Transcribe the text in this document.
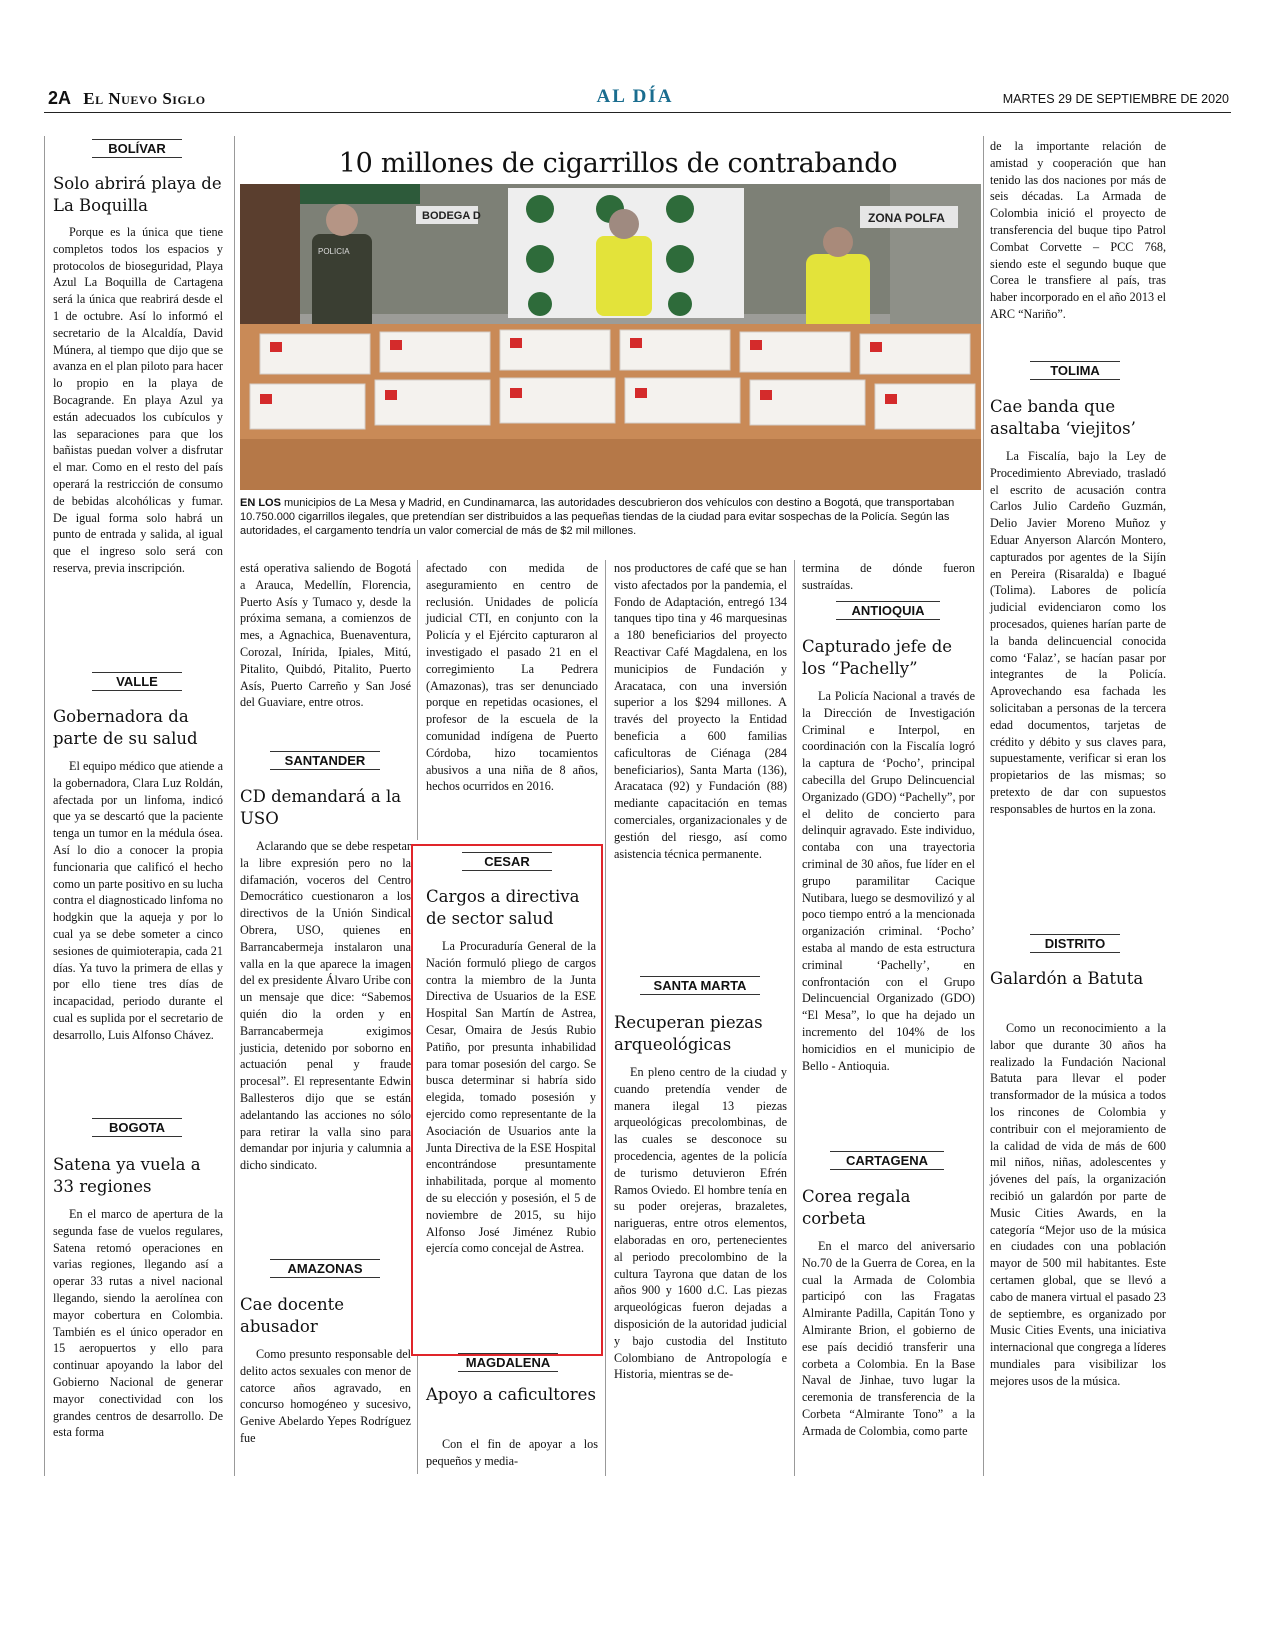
2A El Nuevo Siglo	AL DÍA	MARTES 29 DE SEPTIEMBRE DE 2020
10 millones de cigarrillos de contrabando
BODEGA D	ZONA POLFA
POLICIA
EN LOS municipios de La Mesa y Madrid, en Cundinamarca, las autoridades descubrieron dos vehículos con destino a Bogotá, que transportaban 10.750.000 cigarrillos ilegales, que pretendían ser distribuidos a las pequeñas tiendas de la ciudad para evitar sospechas de la Policía. Según las autoridades, el cargamento tendría un valor comercial de más de $2 mil millones.
BOLÍVAR
Solo abrirá playa de La Boquilla

Porque es la única que tiene completos todos los espacios y protocolos de bioseguridad, Playa Azul La Boquilla de Cartagena será la única que reabrirá desde el 1 de octubre. Así lo informó el secretario de la Alcaldía, David Múnera, al tiempo que dijo que se avanza en el plan piloto para hacer lo propio en la playa de Bocagrande. En playa Azul ya están adecuados los cubículos y las separaciones para que los bañistas puedan volver a disfrutar el mar. Como en el resto del país operará la restricción de consumo de bebidas alcohólicas y fumar. De igual forma solo habrá un punto de entrada y salida, al igual que el ingreso solo será con reserva, previa inscripción.

VALLE
Gobernadora da parte de su salud

El equipo médico que atiende a la gobernadora, Clara Luz Roldán, afectada por un linfoma, indicó que ya se descartó que la paciente tenga un tumor en la médula ósea. Así lo dio a conocer la propia funcionaria que calificó el hecho como un parte positivo en su lucha contra el diagnosticado linfoma no hodgkin que la aqueja y por lo cual ya se debe someter a cinco sesiones de quimioterapia, cada 21 días. Ya tuvo la primera de ellas y por ello tiene tres días de incapacidad, periodo durante el cual es suplida por el secretario de desarrollo, Luis Alfonso Chávez.

BOGOTA
Satena ya vuela a 33 regiones

En el marco de apertura de la segunda fase de vuelos regulares, Satena retomó operaciones en varias regiones, llegando así a operar 33 rutas a nivel nacional llegando, siendo la aerolínea con mayor cobertura en Colombia. También es el único operador en 15 aeropuertos y ello para continuar apoyando la labor del Gobierno Nacional de generar mayor conectividad con los grandes centros de desarrollo. De esta forma

está operativa saliendo de Bogotá a Arauca, Medellín, Florencia, Puerto Asís y Tumaco y, desde la próxima semana, a comienzos de mes, a Agnachica, Buenaventura, Corozal, Inírida, Ipiales, Mitú, Pitalito, Quibdó, Pitalito, Puerto Asís, Puerto Carreño y San José del Guaviare, entre otros.

SANTANDER
CD demandará a la USO

Aclarando que se debe respetar la libre expresión pero no la difamación, voceros del Centro Democrático cuestionaron a los directivos de la Unión Sindical Obrera, USO, quienes en Barrancabermeja instalaron una valla en la que aparece la imagen del ex presidente Álvaro Uribe con un mensaje que dice: “Sabemos quién dio la orden y en Barrancabermeja exigimos justicia, detenido por soborno en actuación penal y fraude procesal”. El representante Edwin Ballesteros dijo que se están adelantando las acciones no sólo para retirar la valla sino para demandar por injuria y calumnia a dicho sindicato.

AMAZONAS
Cae docente abusador

Como presunto responsable del delito actos sexuales con menor de catorce años agravado, en concurso homogéneo y sucesivo, Genive Abelardo Yepes Rodríguez fue

afectado con medida de aseguramiento en centro de reclusión. Unidades de policía judicial CTI, en conjunto con la Policía y el Ejército capturaron al investigado el pasado 21 en el corregimiento La Pedrera (Amazonas), tras ser denunciado porque en repetidas ocasiones, el profesor de la escuela de la comunidad indígena de Puerto Córdoba, hizo tocamientos abusivos a una niña de 8 años, hechos ocurridos en 2016.

CESAR
Cargos a directiva de sector salud

La Procuraduría General de la Nación formuló pliego de cargos contra la miembro de la Junta Directiva de Usuarios de la ESE Hospital San Martín de Astrea, Cesar, Omaira de Jesús Rubio Patiño, por presunta inhabilidad para tomar posesión del cargo. Se busca determinar si habría sido elegida, tomado posesión y ejercido como representante de la Asociación de Usuarios ante la Junta Directiva de la ESE Hospital encontrándose presuntamente inhabilitada, porque al momento de su elección y posesión, el 5 de noviembre de 2015, su hijo Alfonso José Jiménez Rubio ejercía como concejal de Astrea.

MAGDALENA
Apoyo a caficultores

Con el fin de apoyar a los pequeños y media-

nos productores de café que se han visto afectados por la pandemia, el Fondo de Adaptación, entregó 134 tanques tipo tina y 46 marquesinas a 180 beneficiarios del proyecto Reactivar Café Magdalena, en los municipios de Fundación y Aracataca, con una inversión superior a los $294 millones. A través del proyecto la Entidad beneficia a 600 familias caficultoras de Ciénaga (284 beneficiarios), Santa Marta (136), Aracataca (92) y Fundación (88) mediante capacitación en temas comerciales, organizacionales y de gestión del riesgo, así como asistencia técnica permanente.

SANTA MARTA
Recuperan piezas arqueológicas

En pleno centro de la ciudad y cuando pretendía vender de manera ilegal 13 piezas arqueológicas precolombinas, de las cuales se desconoce su procedencia, agentes de la policía de turismo detuvieron Efrén Ramos Oviedo. El hombre tenía en su poder orejeras, brazaletes, narigueras, entre otros elementos, elaboradas en oro, pertenecientes al periodo precolombino de la cultura Tayrona que datan de los años 900 y 1600 d.C. Las piezas arqueológicas fueron dejadas a disposición de la autoridad judicial y bajo custodia del Instituto Colombiano de Antropología e Historia, mientras se de-

termina de dónde fueron sustraídas.

ANTIOQUIA
Capturado jefe de los “Pachelly”

La Policía Nacional a través de la Dirección de Investigación Criminal e Interpol, en coordinación con la Fiscalía logró la captura de ‘Pocho’, principal cabecilla del Grupo Delincuencial Organizado (GDO) “Pachelly”, por el delito de concierto para delinquir agravado. Este individuo, contaba con una trayectoria criminal de 30 años, fue líder en el grupo paramilitar Cacique Nutibara, luego se desmovilizó y al poco tiempo entró a la mencionada organización criminal. ‘Pocho’ estaba al mando de esta estructura criminal ‘Pachelly’, en confrontación con el Grupo Delincuencial Organizado (GDO) “El Mesa”, lo que ha dejado un incremento del 104% de los homicidios en el municipio de Bello - Antioquia.

CARTAGENA
Corea regala corbeta

En el marco del aniversario No.70 de la Guerra de Corea, en la cual la Armada de Colombia participó con las Fragatas Almirante Padilla, Capitán Tono y Almirante Brion, el gobierno de ese país decidió transferir una corbeta a Colombia. En la Base Naval de Jinhae, tuvo lugar la ceremonia de transferencia de la Corbeta “Almirante Tono” a la Armada de Colombia, como parte

de la importante relación de amistad y cooperación que han tenido las dos naciones por más de seis décadas. La Armada de Colombia inició el proyecto de transferencia del buque tipo Patrol Combat Corvette – PCC 768, siendo este el segundo buque que Corea le transfiere al país, tras haber incorporado en el año 2013 el ARC “Nariño”.

TOLIMA
Cae banda que asaltaba ‘viejitos’

La Fiscalía, bajo la Ley de Procedimiento Abreviado, trasladó el escrito de acusación contra Carlos Julio Cardeño Guzmán, Delio Javier Moreno Muñoz y Eduar Anyerson Alarcón Montero, capturados por agentes de la Sijín en Pereira (Risaralda) e Ibagué (Tolima). Labores de policía judicial evidenciaron como los procesados, quienes harían parte de la banda delincuencial conocida como ‘Falaz’, se hacían pasar por integrantes de la Policía. Aprovechando esa fachada les solicitaban a personas de la tercera edad documentos, tarjetas de crédito y débito y sus claves para, supuestamente, verificar si eran los propietarios de las mismas; so pretexto de dar con supuestos responsables de hurtos en la zona.

DISTRITO
Galardón a Batuta

Como un reconocimiento a la labor que durante 30 años ha realizado la Fundación Nacional Batuta para llevar el poder transformador de la música a todos los rincones de Colombia y contribuir con el mejoramiento de la calidad de vida de más de 600 mil niños, niñas, adolescentes y jóvenes del país, la organización recibió un galardón por parte de Music Cities Awards, en la categoría “Mejor uso de la música en ciudades con una población mayor de 500 mil habitantes. Este certamen global, que se llevó a cabo de manera virtual el pasado 23 de septiembre, es organizado por Music Cities Events, una iniciativa internacional que congrega a líderes mundiales para visibilizar los mejores usos de la música.
